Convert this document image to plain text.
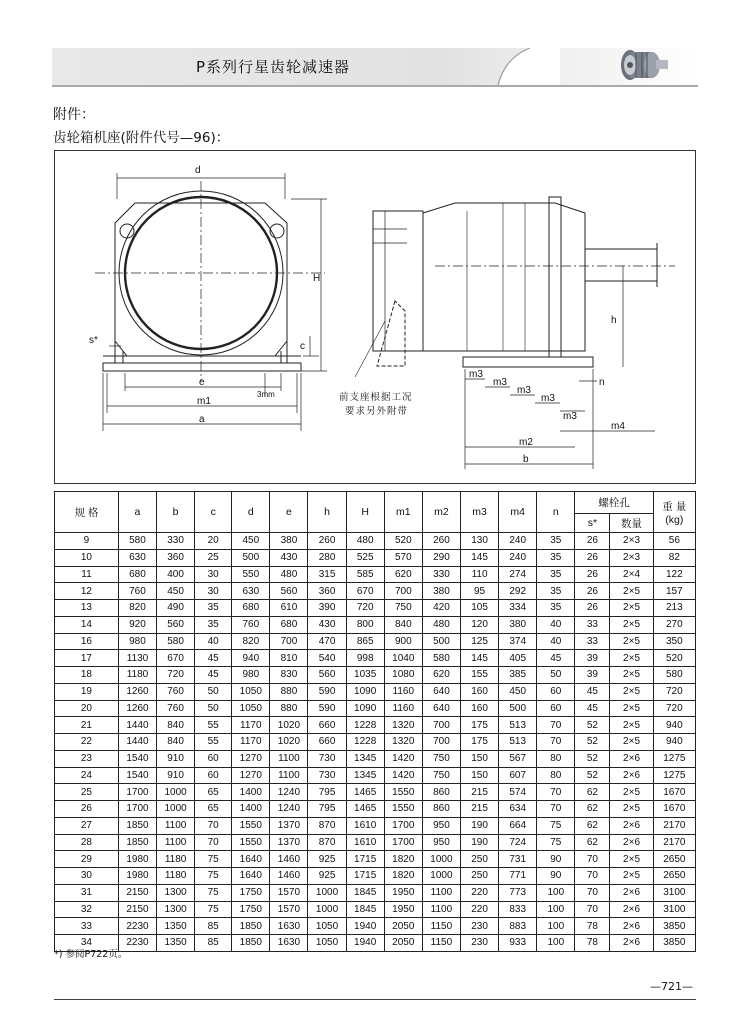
P系列行星齿轮减速器
附件：
齿轮箱机座(附件代号—96)：
d
H
c
s*
3mm
e
m1
a
h
m3
m3
m3
m3
m3
n
m4
m2
b
前支座根据工况
要求另外附带
规 格	a	b	c	d	e	h	H	m1	m2	m3	m4	n	螺栓孔		重 量
(kg)
													s*	数量	
9	580	330	20	450	380	260	480	520	260	130	240	35	26	2×3	56
10	630	360	25	500	430	280	525	570	290	145	240	35	26	2×3	82
11	680	400	30	550	480	315	585	620	330	110	274	35	26	2×4	122
12	760	450	30	630	560	360	670	700	380	95	292	35	26	2×5	157
13	820	490	35	680	610	390	720	750	420	105	334	35	26	2×5	213
14	920	560	35	760	680	430	800	840	480	120	380	40	33	2×5	270
16	980	580	40	820	700	470	865	900	500	125	374	40	33	2×5	350
17	1130	670	45	940	810	540	998	1040	580	145	405	45	39	2×5	520
18	1180	720	45	980	830	560	1035	1080	620	155	385	50	39	2×5	580
19	1260	760	50	1050	880	590	1090	1160	640	160	450	60	45	2×5	720
20	1260	760	50	1050	880	590	1090	1160	640	160	500	60	45	2×5	720
21	1440	840	55	1170	1020	660	1228	1320	700	175	513	70	52	2×5	940
22	1440	840	55	1170	1020	660	1228	1320	700	175	513	70	52	2×5	940
23	1540	910	60	1270	1100	730	1345	1420	750	150	567	80	52	2×6	1275
24	1540	910	60	1270	1100	730	1345	1420	750	150	607	80	52	2×6	1275
25	1700	1000	65	1400	1240	795	1465	1550	860	215	574	70	62	2×5	1670
26	1700	1000	65	1400	1240	795	1465	1550	860	215	634	70	62	2×5	1670
27	1850	1100	70	1550	1370	870	1610	1700	950	190	664	75	62	2×6	2170
28	1850	1100	70	1550	1370	870	1610	1700	950	190	724	75	62	2×6	2170
29	1980	1180	75	1640	1460	925	1715	1820	1000	250	731	90	70	2×5	2650
30	1980	1180	75	1640	1460	925	1715	1820	1000	250	771	90	70	2×5	2650
31	2150	1300	75	1750	1570	1000	1845	1950	1100	220	773	100	70	2×6	3100
32	2150	1300	75	1750	1570	1000	1845	1950	1100	220	833	100	70	2×6	3100
33	2230	1350	85	1850	1630	1050	1940	2050	1150	230	883	100	78	2×6	3850
34	2230	1350	85	1850	1630	1050	1940	2050	1150	230	933	100	78	2×6	3850
*) 参阅P722页。
—721—
